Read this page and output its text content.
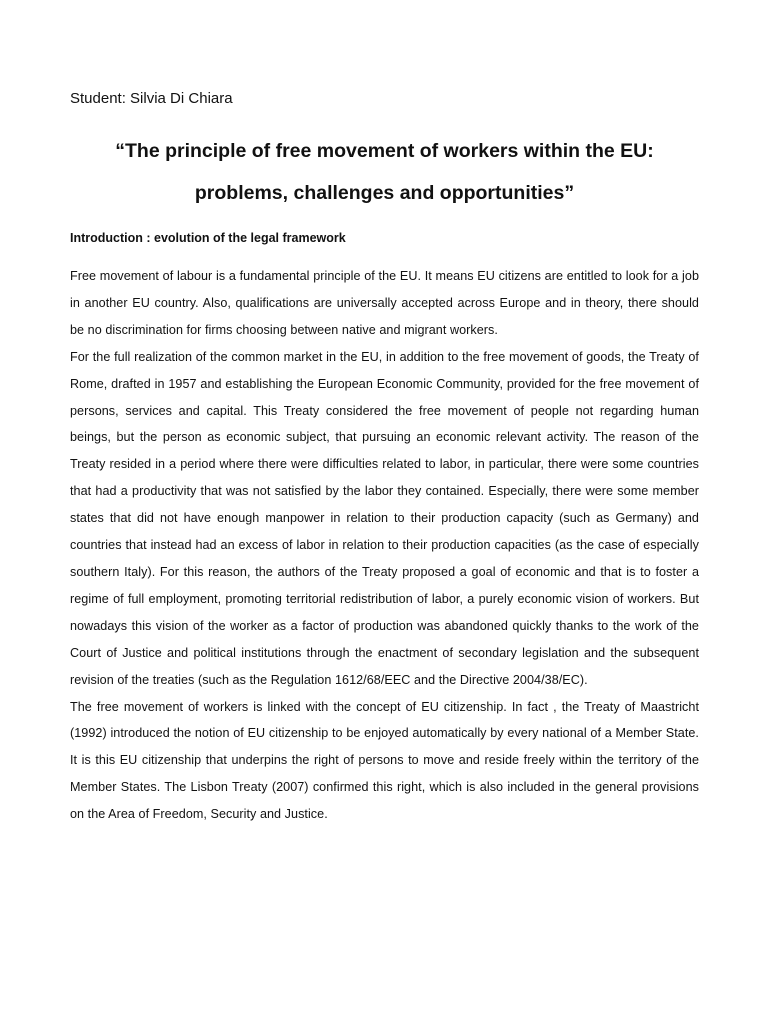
Student: Silvia Di Chiara

“The principle of free movement of workers within the EU:
problems, challenges and opportunities”
Introduction : evolution of the legal framework

Free movement of labour is a fundamental principle of the EU. It means EU citizens are entitled to look for a job in another EU country. Also, qualifications are universally accepted across Europe and in theory, there should be no discrimination for firms choosing between native and migrant workers.

For the full realization of the common market in the EU, in addition to the free movement of goods, the Treaty of Rome, drafted in 1957 and establishing the European Economic Community, provided for the free movement of persons, services and capital. This Treaty considered the free movement of people not regarding human beings, but the person as economic subject, that pursuing an economic relevant activity. The reason of the Treaty resided in a period where there were difficulties related to labor, in particular, there were some countries that had a productivity that was not satisfied by the labor they contained. Especially, there were some member states that did not have enough manpower in relation to their production capacity (such as Germany) and countries that instead had an excess of labor in relation to their production capacities (as the case of especially southern Italy). For this reason, the authors of the Treaty proposed a goal of economic and that is to foster a regime of full employment, promoting territorial redistribution of labor, a purely economic vision of workers. But nowadays this vision of the worker as a factor of production was abandoned quickly thanks to the work of the Court of Justice and political institutions through the enactment of secondary legislation and the subsequent revision of the treaties (such as the Regulation 1612/68/EEC and the Directive 2004/38/EC).

The free movement of workers is linked with the concept of EU citizenship. In fact , the Treaty of Maastricht (1992) introduced the notion of EU citizenship to be enjoyed automatically by every national of a Member State. It is this EU citizenship that underpins the right of persons to move and reside freely within the territory of the Member States. The Lisbon Treaty (2007) confirmed this right, which is also included in the general provisions on the Area of Freedom, Security and Justice.
